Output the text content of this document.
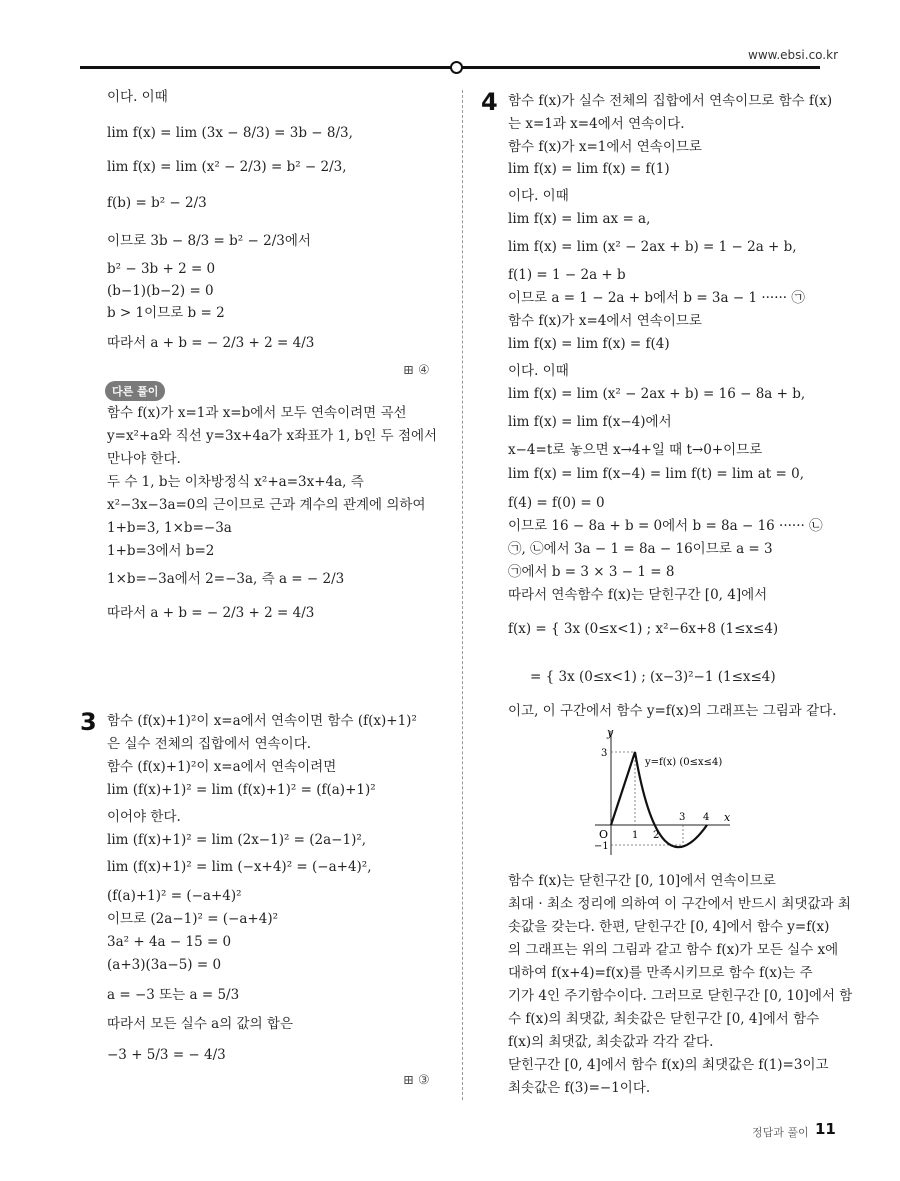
www.ebsi.co.kr
이다. 이때
lim f(x) = lim (3x − 8/3) = 3b − 8/3,
lim f(x) = lim (x² − 2/3) = b² − 2/3,
f(b) = b² − 2/3
이므로 3b − 8/3 = b² − 2/3에서
b² − 3b + 2 = 0
(b−1)(b−2) = 0
b > 1이므로 b = 2
따라서 a + b = − 2/3 + 2 = 4/3
⊞ ④
다른 풀이
함수 f(x)가 x=1과 x=b에서 모두 연속이려면 곡선
y=x²+a와 직선 y=3x+4a가 x좌표가 1, b인 두 점에서
만나야 한다.
두 수 1, b는 이차방정식 x²+a=3x+4a, 즉
x²−3x−3a=0의 근이므로 근과 계수의 관계에 의하여
1+b=3, 1×b=−3a
1+b=3에서 b=2
1×b=−3a에서 2=−3a, 즉 a = − 2/3
따라서 a + b = − 2/3 + 2 = 4/3
3 함수 (f(x)+1)²이 x=a에서 연속이면 함수 (f(x)+1)²
은 실수 전체의 집합에서 연속이다.
함수 (f(x)+1)²이 x=a에서 연속이려면
lim (f(x)+1)² = lim (f(x)+1)² = (f(a)+1)²
이어야 한다.
lim (f(x)+1)² = lim (2x−1)² = (2a−1)²,
lim (f(x)+1)² = lim (−x+4)² = (−a+4)²,
(f(a)+1)² = (−a+4)²
이므로 (2a−1)² = (−a+4)²
3a² + 4a − 15 = 0
(a+3)(3a−5) = 0
a = −3 또는 a = 5/3
따라서 모든 실수 a의 값의 합은
−3 + 5/3 = − 4/3
⊞ ③
4 함수 f(x)가 실수 전체의 집합에서 연속이므로 함수 f(x)
는 x=1과 x=4에서 연속이다.
함수 f(x)가 x=1에서 연속이므로
lim f(x) = lim f(x) = f(1)
이다. 이때
lim f(x) = lim ax = a,
lim f(x) = lim (x² − 2ax + b) = 1 − 2a + b,
f(1) = 1 − 2a + b
이므로 a = 1 − 2a + b에서 b = 3a − 1 ······ ㉠
함수 f(x)가 x=4에서 연속이므로
lim f(x) = lim f(x) = f(4)
이다. 이때
lim f(x) = lim (x² − 2ax + b) = 16 − 8a + b,
lim f(x) = lim f(x−4)에서
x−4=t로 놓으면 x→4+일 때 t→0+이므로
lim f(x) = lim f(x−4) = lim f(t) = lim at = 0,
f(4) = f(0) = 0
이므로 16 − 8a + b = 0에서 b = 8a − 16 ······ ㉡
㉠, ㉡에서 3a − 1 = 8a − 16이므로 a = 3
㉠에서 b = 3 × 3 − 1 = 8
따라서 연속함수 f(x)는 닫힌구간 [0, 4]에서
f(x) = { 3x (0≤x<1) ; x²−6x+8 (1≤x≤4)
= { 3x (0≤x<1) ; (x−3)²−1 (1≤x≤4)
이고, 이 구간에서 함수 y=f(x)의 그래프는 그림과 같다.
y
x
O 1 2
3 4
3
−1
y=f(x) (0≤x≤4)
함수 f(x)는 닫힌구간 [0, 10]에서 연속이므로
최대 · 최소 정리에 의하여 이 구간에서 반드시 최댓값과 최
솟값을 갖는다. 한편, 닫힌구간 [0, 4]에서 함수 y=f(x)
의 그래프는 위의 그림과 같고 함수 f(x)가 모든 실수 x에
대하여 f(x+4)=f(x)를 만족시키므로 함수 f(x)는 주
기가 4인 주기함수이다. 그러므로 닫힌구간 [0, 10]에서 함
수 f(x)의 최댓값, 최솟값은 닫힌구간 [0, 4]에서 함수
f(x)의 최댓값, 최솟값과 각각 같다.
닫힌구간 [0, 4]에서 함수 f(x)의 최댓값은 f(1)=3이고
최솟값은 f(3)=−1이다.
정답과 풀이 11
